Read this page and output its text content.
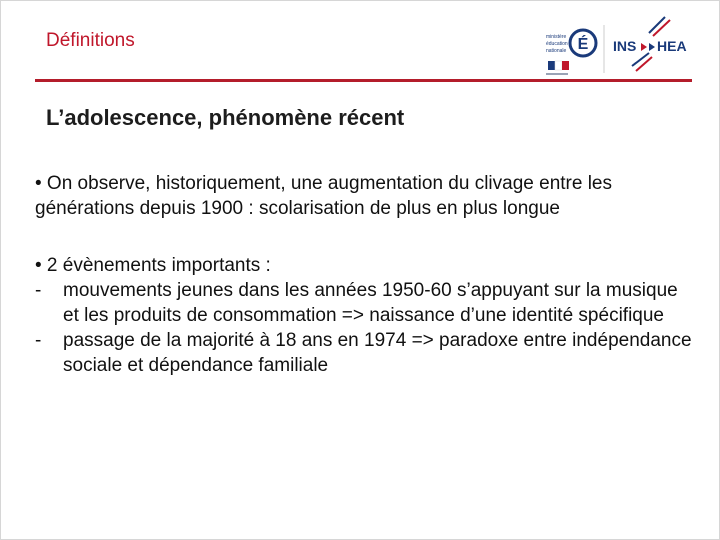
Définitions	ministère
éducation
nationale É INS HEA
L’adolescence, phénomène récent

• On observe, historiquement, une augmentation du clivage entre les générations depuis 1900 : scolarisation de plus en plus longue

• 2 évènements importants :
-	mouvements jeunes dans les années 1950-60 s’appuyant sur la musique et les produits de consommation => naissance d’une identité spécifique
-	passage de la majorité à 18 ans en 1974 => paradoxe entre indépendance sociale et dépendance familiale
